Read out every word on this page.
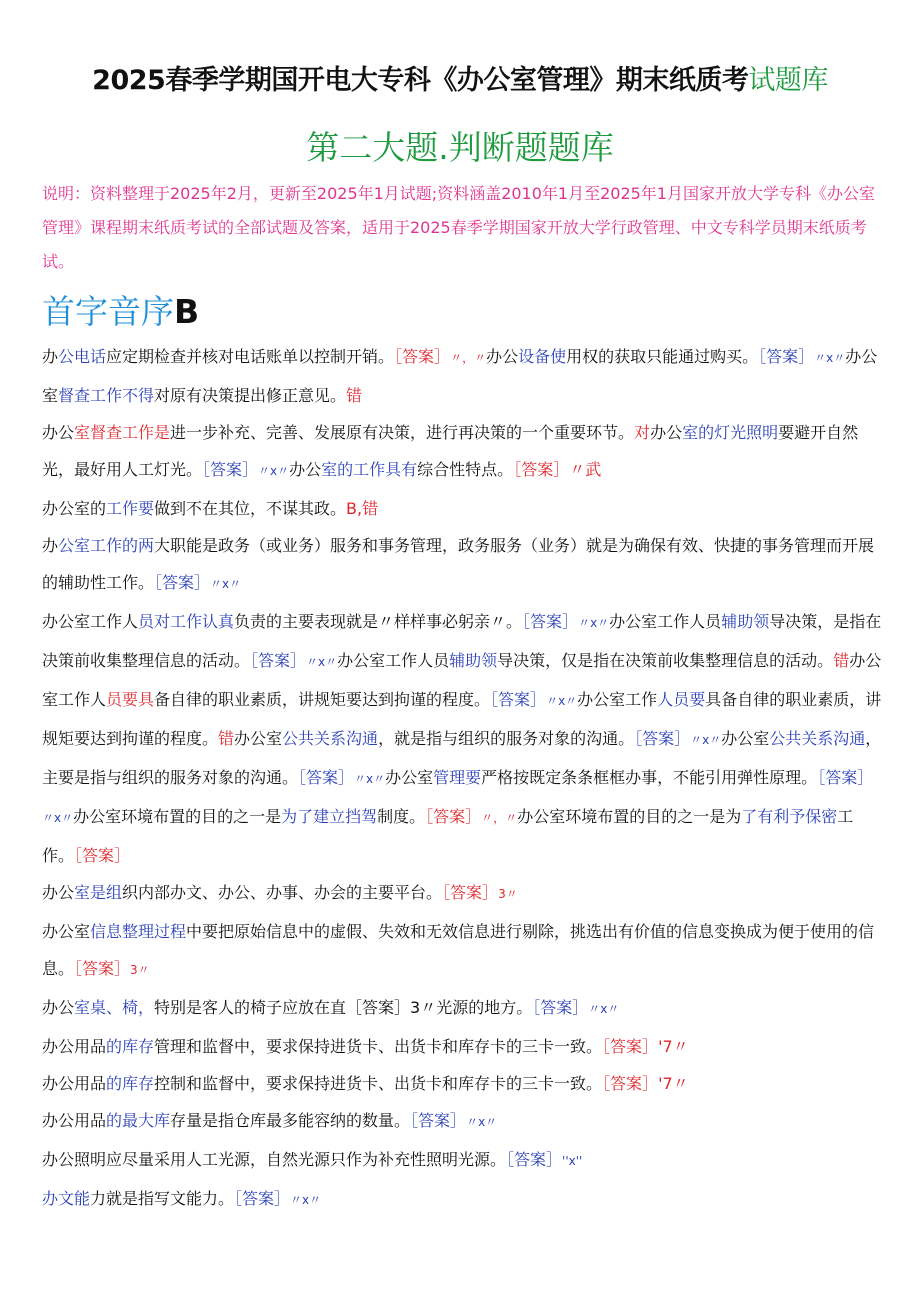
2025春季学期国开电大专科《办公室管理》期末纸质考试题库
第二大题.判断题题库
说明：资料整理于2025年2月，更新至2025年1月试题;资料涵盖2010年1月至2025年1月国家开放大学专科《办公室管理》课程期末纸质考试的全部试题及答案，适用于2025春季学期国家开放大学行政管理、中文专科学员期末纸质考试。
首字音序B

办公电话应定期检查并核对电话账单以控制开销。［答案］〃，〃办公设备使用权的获取只能通过购买。［答案］〃x〃办公室督查工作不得对原有决策提出修正意见。错

办公室督查工作是进一步补充、完善、发展原有决策，进行再决策的一个重要环节。对办公室的灯光照明要避开自然光，最好用人工灯光。［答案］〃x〃办公室的工作具有综合性特点。［答案］〃武

办公室的工作要做到不在其位，不谋其政。B,错

办公室工作的两大职能是政务（或业务）服务和事务管理，政务服务（业务）就是为确保有效、快捷的事务管理而开展的辅助性工作。［答案］〃x〃

办公室工作人员对工作认真负责的主要表现就是〃样样事必躬亲〃。［答案］〃x〃办公室工作人员辅助领导决策，是指在决策前收集整理信息的活动。［答案］〃x〃办公室工作人员辅助领导决策，仅是指在决策前收集整理信息的活动。错办公室工作人员要具备自律的职业素质，讲规矩要达到拘谨的程度。［答案］〃x〃办公室工作人员要具备自律的职业素质，讲规矩要达到拘谨的程度。错办公室公共关系沟通，就是指与组织的服务对象的沟通。［答案］〃x〃办公室公共关系沟通，主要是指与组织的服务对象的沟通。［答案］〃x〃办公室管理要严格按既定条条框框办事，不能引用弹性原理。［答案］〃x〃办公室环境布置的目的之一是为了建立挡驾制度。［答案］〃，〃办公室环境布置的目的之一是为了有利予保密工作。［答案］

办公室是组织内部办文、办公、办事、办会的主要平台。［答案］3〃

办公室信息整理过程中要把原始信息中的虚假、失效和无效信息进行剔除，挑选出有价值的信息变换成为便于使用的信息。［答案］3〃

办公室桌、椅，特别是客人的椅子应放在直［答案］3〃光源的地方。［答案］〃x〃

办公用品的库存管理和监督中，要求保持进货卡、出货卡和库存卡的三卡一致。［答案］'7〃

办公用品的库存控制和监督中，要求保持进货卡、出货卡和库存卡的三卡一致。［答案］'7〃

办公用品的最大库存量是指仓库最多能容纳的数量。［答案］〃x〃

办公照明应尽量采用人工光源，自然光源只作为补充性照明光源。［答案］''x''

办文能力就是指写文能力。［答案］〃x〃
